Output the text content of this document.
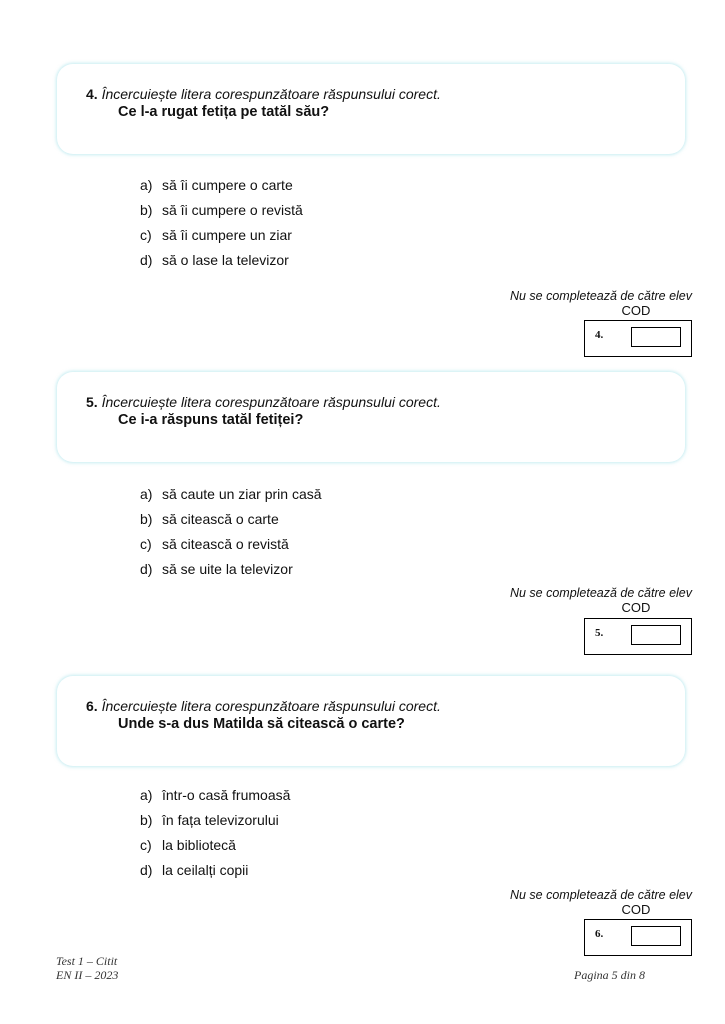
4. Încercuiește litera corespunzătoare răspunsului corect.
Ce l-a rugat fetița pe tatăl său?
a) să îi cumpere o carte
b) să îi cumpere o revistă
c) să îi cumpere un ziar
d) să o lase la televizor
Nu se completează de către elev
COD
4.
5. Încercuiește litera corespunzătoare răspunsului corect.
Ce i-a răspuns tatăl fetiței?
a) să caute un ziar prin casă
b) să citească o carte
c) să citească o revistă
d) să se uite la televizor
Nu se completează de către elev
COD
5.
6. Încercuiește litera corespunzătoare răspunsului corect.
Unde s-a dus Matilda să citească o carte?
a) într-o casă frumoasă
b) în fața televizorului
c) la bibliotecă
d) la ceilalți copii
Nu se completează de către elev
COD
6.
Test 1 – Citit
EN II – 2023	Pagina 5 din 8
